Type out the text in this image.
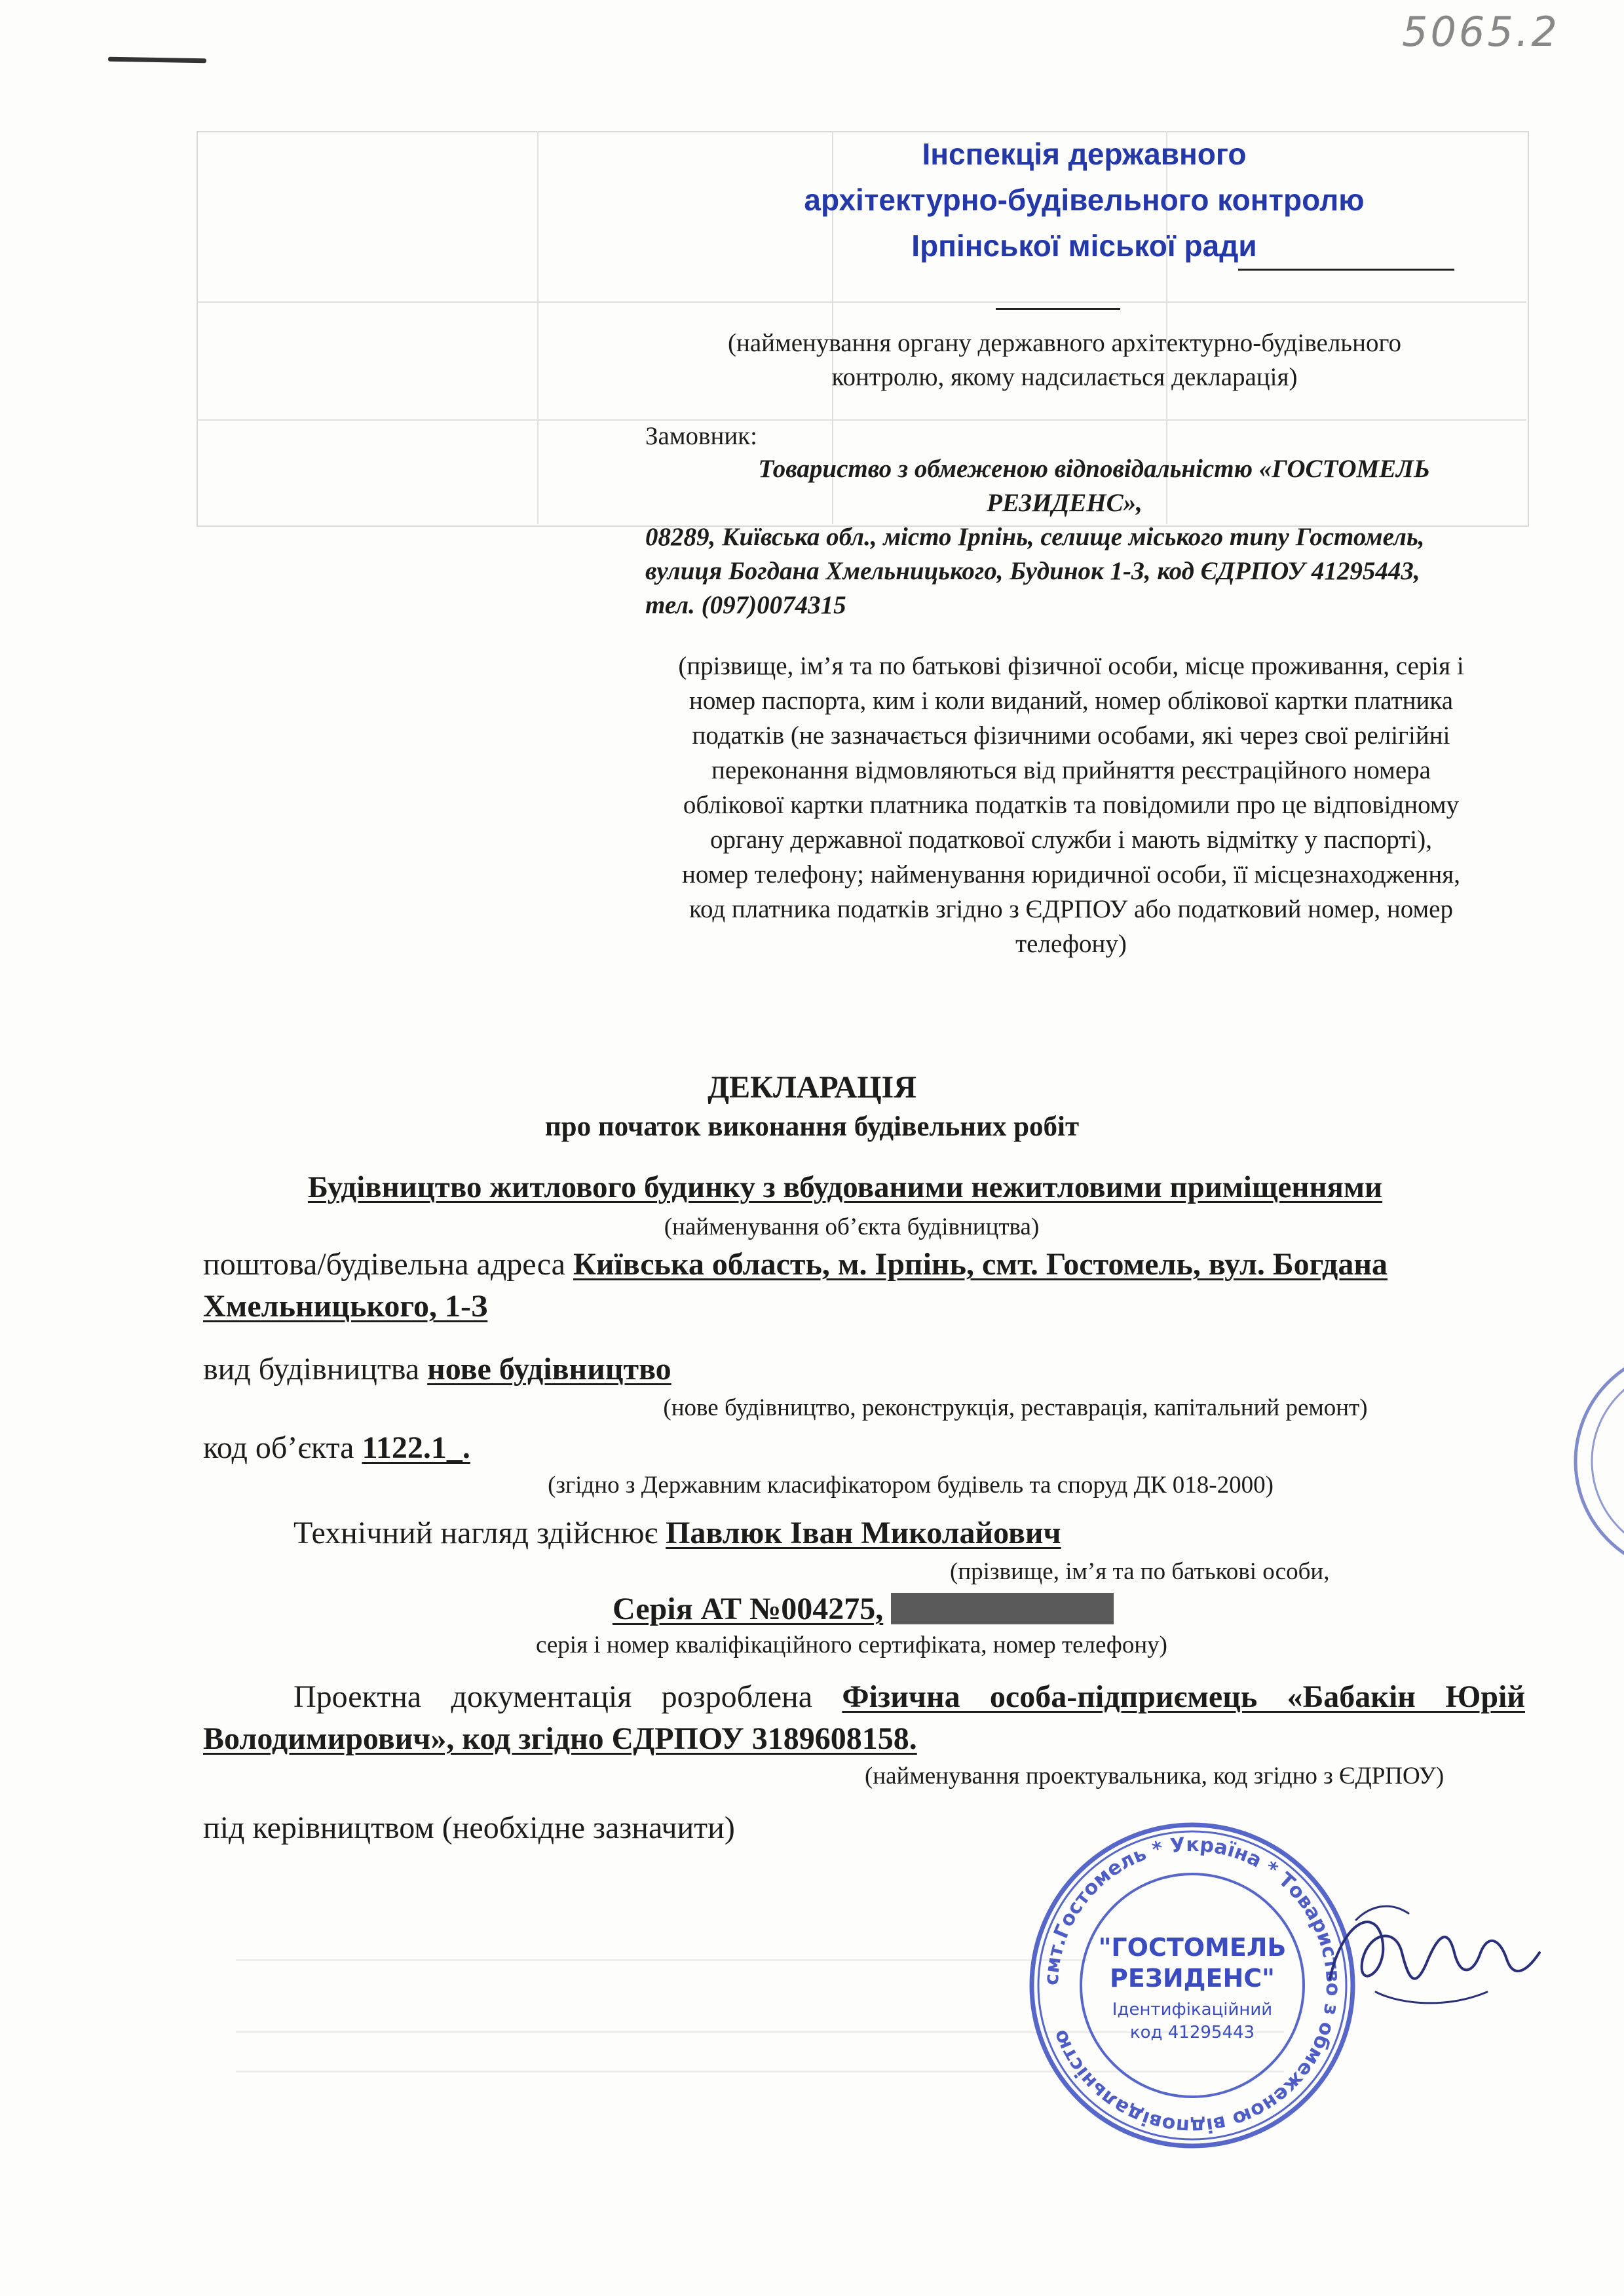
5065.2
Інспекція державного
архітектурно-будівельного контролю
Ірпінської міської ради
(найменування органу державного архітектурно-будівельного контролю, якому надсилається декларація)
Замовник:
Товариство з обмеженою відповідальністю «ГОСТОМЕЛЬ
РЕЗИДЕНС»,
08289, Київська обл., місто Ірпінь, селище міського типу Гостомель,
вулиця Богдана Хмельницького, Будинок 1-З, код ЄДРПОУ 41295443,
тел. (097)0074315
(прізвище, ім’я та по батькові фізичної особи, місце проживання, серія і
номер паспорта, ким і коли виданий, номер облікової картки платника
податків (не зазначається фізичними особами, які через свої релігійні
переконання відмовляються від прийняття реєстраційного номера
облікової картки платника податків та повідомили про це відповідному
органу державної податкової служби і мають відмітку у паспорті),
номер телефону; найменування юридичної особи, її місцезнаходження,
код платника податків згідно з ЄДРПОУ або податковий номер, номер
телефону)
ДЕКЛАРАЦІЯ
про початок виконання будівельних робіт
Будівництво житлового будинку з вбудованими нежитловими приміщеннями
(найменування об’єкта будівництва)
поштова/будівельна адреса Київська область, м. Ірпінь, смт. Гостомель, вул. Богдана
Хмельницького, 1-З
вид будівництва нове будівництво
(нове будівництво, реконструкція, реставрація, капітальний ремонт)
код об’єкта 1122.1_.
(згідно з Державним класифікатором будівель та споруд ДК 018-2000)
Технічний нагляд здійснює Павлюк Іван Миколайович
(прізвище, ім’я та по батькові особи,
Серія АТ №004275,
серія і номер кваліфікаційного сертифіката, номер телефону)
Проектна документація розроблена Фізична особа-підприємець «Бабакін Юрій
Володимирович», код згідно ЄДРПОУ 3189608158.
(найменування проектувальника, код згідно з ЄДРПОУ)
під керівництвом (необхідне зазначити)
смт.Гостомель * Україна * Товариство з обмеженою відповідальністю
"ГОСТОМЕЛЬ
РЕЗИДЕНС"
Ідентифікаційний
код 41295443
